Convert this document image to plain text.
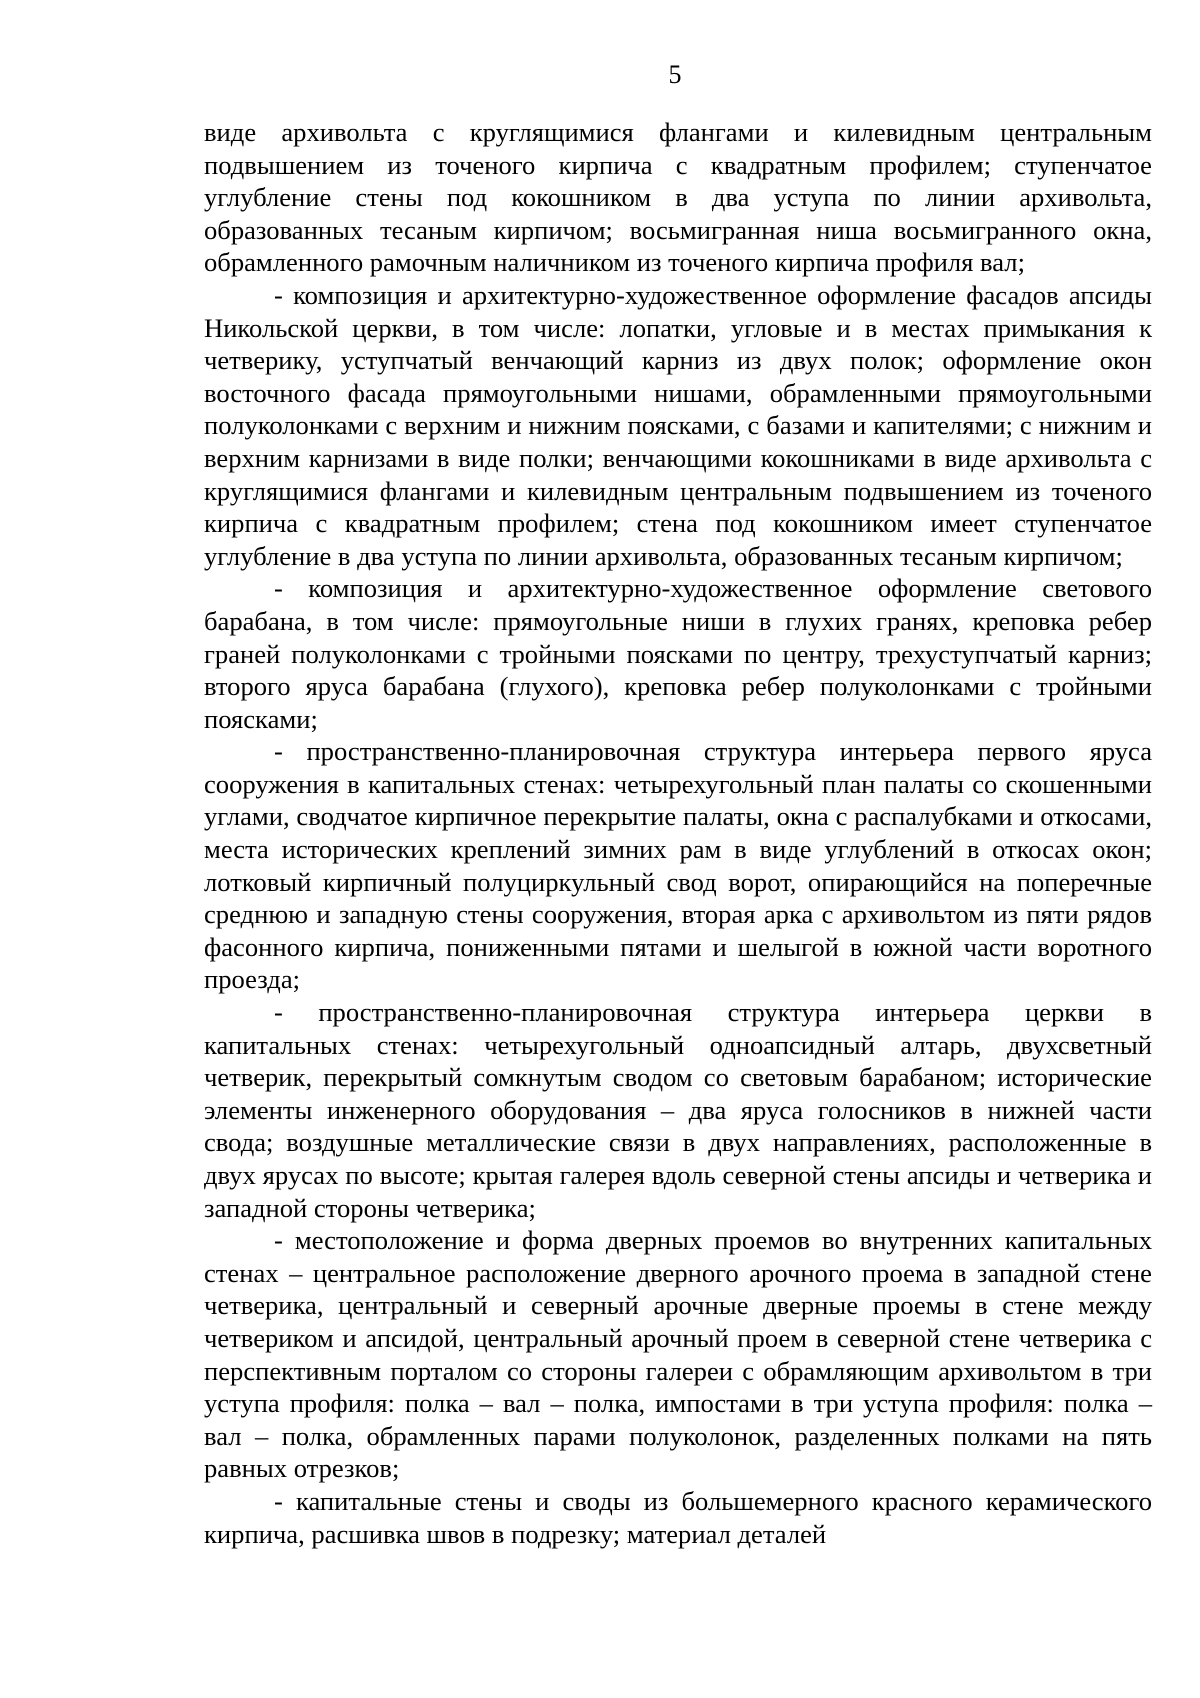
5

виде архивольта с круглящимися флангами и килевидным центральным подвышением из точеного кирпича с квадратным профилем; ступенчатое углубление стены под кокошником в два уступа по линии архивольта, образованных тесаным кирпичом; восьмигранная ниша восьмигранного окна, обрамленного рамочным наличником из точеного кирпича профиля вал;

- композиция и архитектурно-художественное оформление фасадов апсиды Никольской церкви, в том числе: лопатки, угловые и в местах примыкания к четверику, уступчатый венчающий карниз из двух полок; оформление окон восточного фасада прямоугольными нишами, обрамленными прямоугольными полуколонками с верхним и нижним поясками, с базами и капителями; с нижним и верхним карнизами в виде полки; венчающими кокошниками в виде архивольта с круглящимися флангами и килевидным центральным подвышением из точеного кирпича с квадратным профилем; стена под кокошником имеет ступенчатое углубление в два уступа по линии архивольта, образованных тесаным кирпичом;

- композиция и архитектурно-художественное оформление светового барабана, в том числе: прямоугольные ниши в глухих гранях, креповка ребер граней полуколонками с тройными поясками по центру, трехуступчатый карниз; второго яруса барабана (глухого), креповка ребер полуколонками с тройными поясками;

- пространственно-планировочная структура интерьера первого яруса сооружения в капитальных стенах: четырехугольный план палаты со скошенными углами, сводчатое кирпичное перекрытие палаты, окна с распалубками и откосами, места исторических креплений зимних рам в виде углублений в откосах окон; лотковый кирпичный полуциркульный свод ворот, опирающийся на поперечные среднюю и западную стены сооружения, вторая арка с архивольтом из пяти рядов фасонного кирпича, пониженными пятами и шелыгой в южной части воротного проезда;

- пространственно-планировочная структура интерьера церкви в капитальных стенах: четырехугольный одноапсидный алтарь, двухсветный четверик, перекрытый сомкнутым сводом со световым барабаном; исторические элементы инженерного оборудования – два яруса голосников в нижней части свода; воздушные металлические связи в двух направлениях, расположенные в двух ярусах по высоте; крытая галерея вдоль северной стены апсиды и четверика и западной стороны четверика;

- местоположение и форма дверных проемов во внутренних капитальных стенах – центральное расположение дверного арочного проема в западной стене четверика, центральный и северный арочные дверные проемы в стене между четвериком и апсидой, центральный арочный проем в северной стене четверика с перспективным порталом со стороны галереи с обрамляющим архивольтом в три уступа профиля: полка – вал – полка, импостами в три уступа профиля: полка – вал – полка, обрамленных парами полуколонок, разделенных полками на пять равных отрезков;

- капитальные стены и своды из большемерного красного керамического кирпича, расшивка швов в подрезку; материал деталей
